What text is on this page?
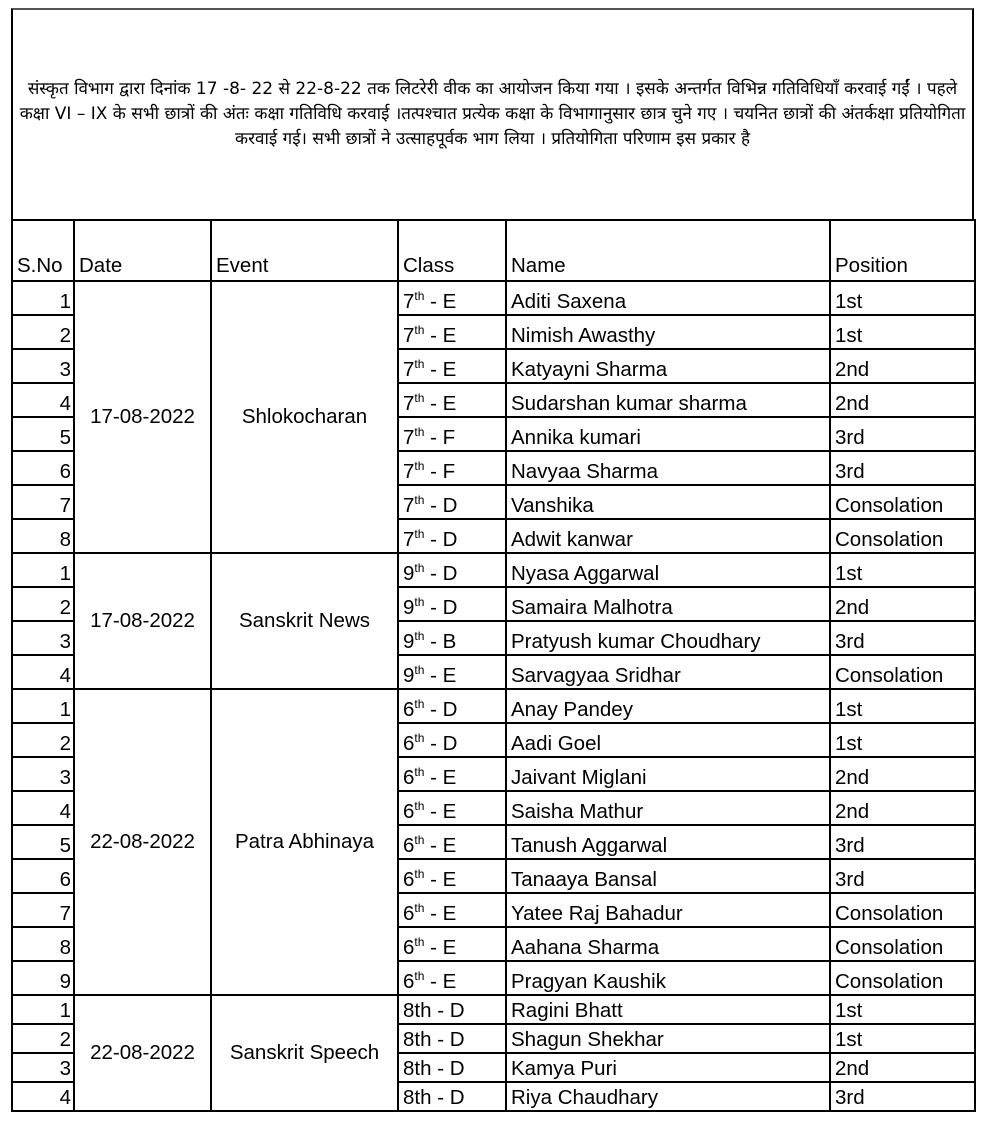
संस्कृत विभाग द्वारा दिनांक 17 -8- 22 से 22-8-22 तक लिटरेरी वीक का आयोजन किया गया । इसके अन्तर्गत विभिन्न गतिविधियाँ करवाई गईं । पहले कक्षा VI – IX के सभी छात्रों की अंतः कक्षा गतिविधि करवाई ।तत्पश्चात प्रत्येक कक्षा के विभागानुसार छात्र चुने गए । चयनित छात्रों की अंतर्कक्षा प्रतियोगिता करवाई गई। सभी छात्रों ने उत्साहपूर्वक भाग लिया । प्रतियोगिता परिणाम इस प्रकार है

S.No	Date	Event	Class	Name	Position
1	17-08-2022	Shlokocharan	7th - E	Aditi Saxena	1st
2			7th - E	Nimish Awasthy	1st
3			7th - E	Katyayni Sharma	2nd
4			7th - E	Sudarshan kumar sharma	2nd
5			7th - F	Annika kumari	3rd
6			7th - F	Navyaa Sharma	3rd
7			7th - D	Vanshika	Consolation
8			7th - D	Adwit kanwar	Consolation
1	17-08-2022	Sanskrit News	9th - D	Nyasa Aggarwal	1st
2			9th - D	Samaira Malhotra	2nd
3			9th - B	Pratyush kumar Choudhary	3rd
4			9th - E	Sarvagyaa Sridhar	Consolation
1	22-08-2022	Patra Abhinaya	6th - D	Anay Pandey	1st
2			6th - D	Aadi Goel	1st
3			6th - E	Jaivant Miglani	2nd
4			6th - E	Saisha Mathur	2nd
5			6th - E	Tanush Aggarwal	3rd
6			6th - E	Tanaaya Bansal	3rd
7			6th - E	Yatee Raj Bahadur	Consolation
8			6th - E	Aahana Sharma	Consolation
9			6th - E	Pragyan Kaushik	Consolation
1	22-08-2022	Sanskrit Speech	8th - D	Ragini Bhatt	1st
2			8th - D	Shagun Shekhar	1st
3			8th - D	Kamya Puri	2nd
4			8th - D	Riya Chaudhary	3rd
